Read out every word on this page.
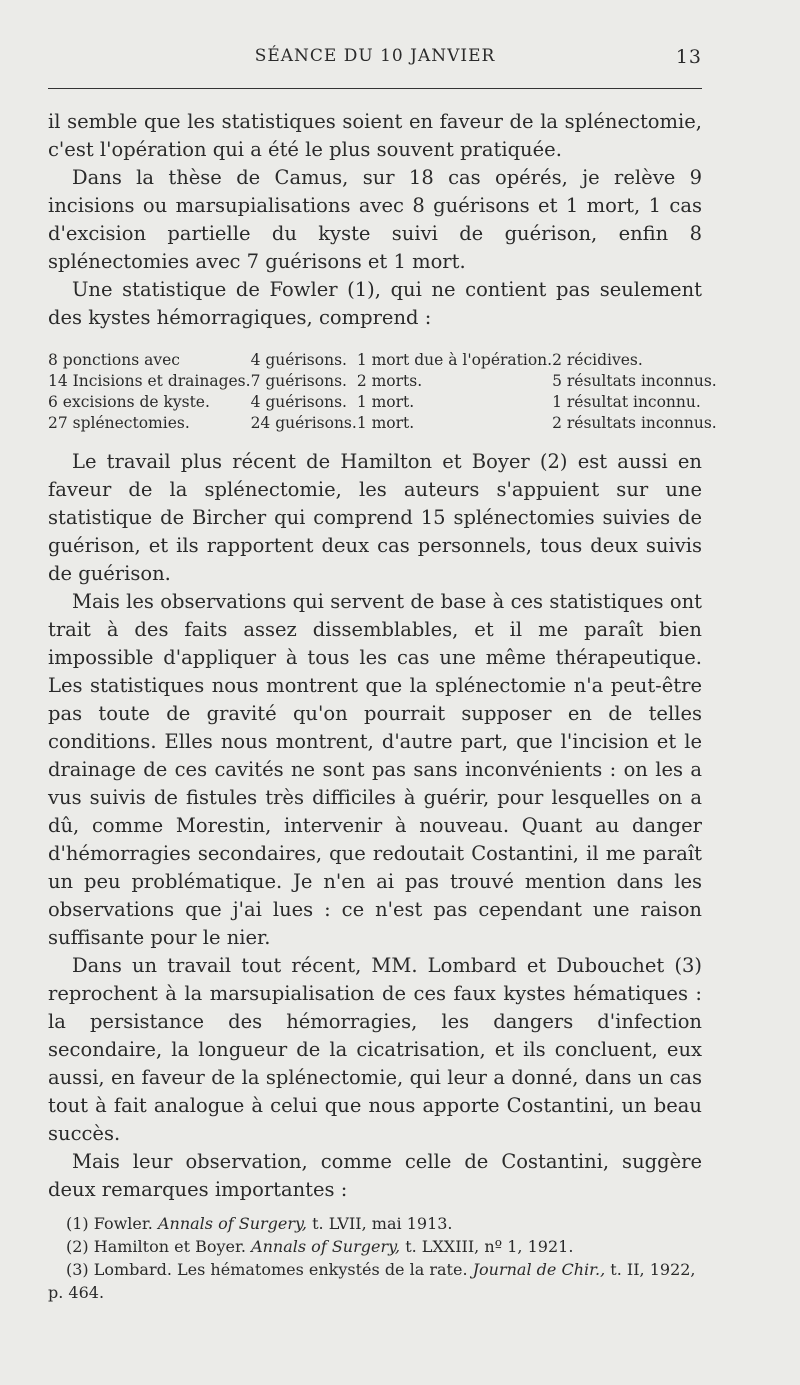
SÉANCE DU 10 JANVIER	13

il semble que les statistiques soient en faveur de la splénectomie, c'est l'opération qui a été le plus souvent pratiquée.

Dans la thèse de Camus, sur 18 cas opérés, je relève 9 incisions ou marsupialisations avec 8 guérisons et 1 mort, 1 cas d'excision partielle du kyste suivi de guérison, enfin 8 splénectomies avec 7 guérisons et 1 mort.

Une statistique de Fowler (1), qui ne contient pas seulement des kystes hémorragiques, comprend :

8 ponctions avec	4 guérisons.	1 mort due à l'opération.	2 récidives.
14 Incisions et drainages.	7 guérisons.	2 morts.	5 résultats inconnus.
6 excisions de kyste.	4 guérisons.	1 mort.	1 résultat inconnu.
27 splénectomies.	24 guérisons.	1 mort.	2 résultats inconnus.

Le travail plus récent de Hamilton et Boyer (2) est aussi en faveur de la splénectomie, les auteurs s'appuient sur une statistique de Bircher qui comprend 15 splénectomies suivies de guérison, et ils rapportent deux cas personnels, tous deux suivis de guérison.

Mais les observations qui servent de base à ces statistiques ont trait à des faits assez dissemblables, et il me paraît bien impossible d'appliquer à tous les cas une même thérapeutique. Les statistiques nous montrent que la splénectomie n'a peut-être pas toute de gravité qu'on pourrait supposer en de telles conditions. Elles nous montrent, d'autre part, que l'incision et le drainage de ces cavités ne sont pas sans inconvénients : on les a vus suivis de fistules très difficiles à guérir, pour lesquelles on a dû, comme Morestin, intervenir à nouveau. Quant au danger d'hémorragies secondaires, que redoutait Costantini, il me paraît un peu problématique. Je n'en ai pas trouvé mention dans les observations que j'ai lues : ce n'est pas cependant une raison suffisante pour le nier.

Dans un travail tout récent, MM. Lombard et Dubouchet (3) reprochent à la marsupialisation de ces faux kystes hématiques : la persistance des hémorragies, les dangers d'infection secondaire, la longueur de la cicatrisation, et ils concluent, eux aussi, en faveur de la splénectomie, qui leur a donné, dans un cas tout à fait analogue à celui que nous apporte Costantini, un beau succès.

Mais leur observation, comme celle de Costantini, suggère deux remarques importantes :

(1) Fowler. Annals of Surgery, t. LVII, mai 1913.

(2) Hamilton et Boyer. Annals of Surgery, t. LXXIII, nº 1, 1921.

(3) Lombard. Les hématomes enkystés de la rate. Journal de Chir., t. II, 1922, p. 464.
